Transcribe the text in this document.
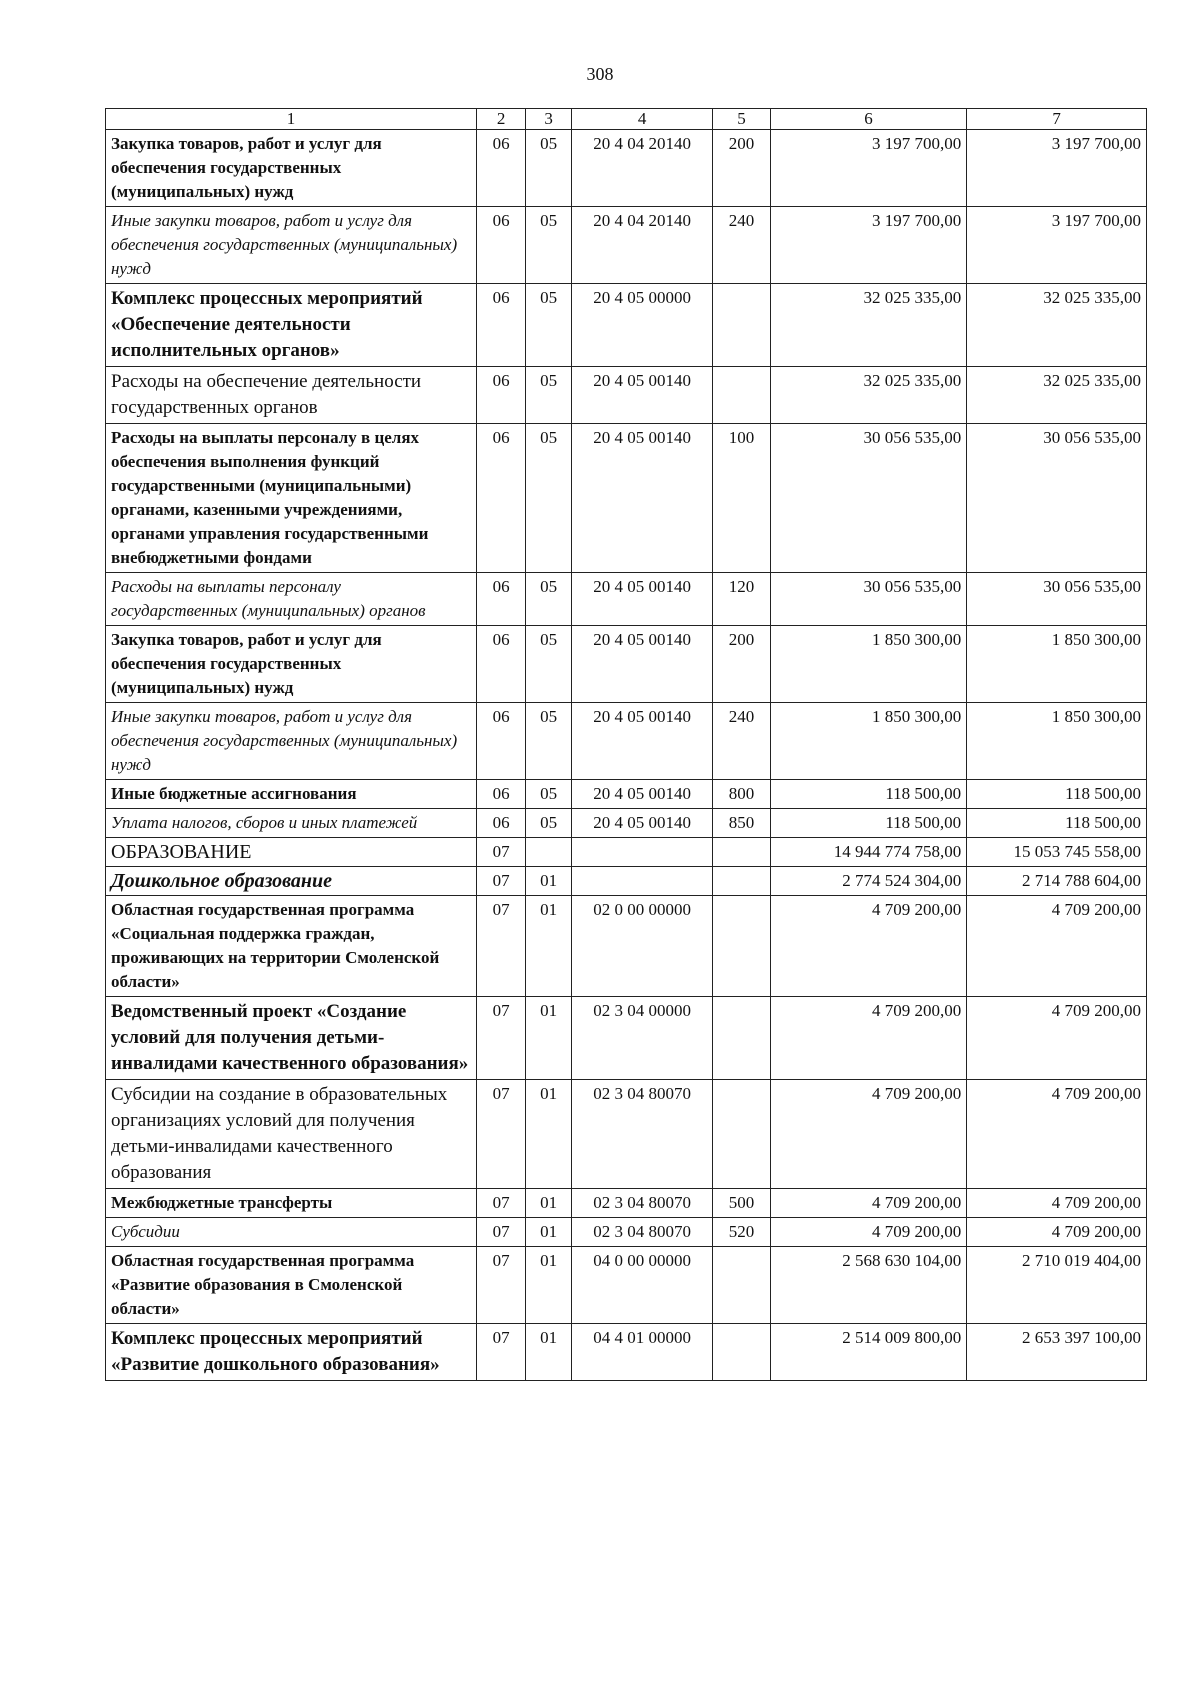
308
1	2	3	4	5	6	7
Закупка товаров, работ и услуг для обеспечения государственных (муниципальных) нужд	06	05	20 4 04 20140	200	3 197 700,00	3 197 700,00
Иные закупки товаров, работ и услуг для обеспечения государственных (муниципальных) нужд	06	05	20 4 04 20140	240	3 197 700,00	3 197 700,00
Комплекс процессных мероприятий «Обеспечение деятельности исполнительных органов»	06	05	20 4 05 00000		32 025 335,00	32 025 335,00
Расходы на обеспечение деятельности государственных органов	06	05	20 4 05 00140		32 025 335,00	32 025 335,00
Расходы на выплаты персоналу в целях обеспечения выполнения функций государственными (муниципальными) органами, казенными учреждениями, органами управления государственными внебюджетными фондами	06	05	20 4 05 00140	100	30 056 535,00	30 056 535,00
Расходы на выплаты персоналу государственных (муниципальных) органов	06	05	20 4 05 00140	120	30 056 535,00	30 056 535,00
Закупка товаров, работ и услуг для обеспечения государственных (муниципальных) нужд	06	05	20 4 05 00140	200	1 850 300,00	1 850 300,00
Иные закупки товаров, работ и услуг для обеспечения государственных (муниципальных) нужд	06	05	20 4 05 00140	240	1 850 300,00	1 850 300,00
Иные бюджетные ассигнования	06	05	20 4 05 00140	800	118 500,00	118 500,00
Уплата налогов, сборов и иных платежей	06	05	20 4 05 00140	850	118 500,00	118 500,00
ОБРАЗОВАНИЕ	07				14 944 774 758,00	15 053 745 558,00
Дошкольное образование	07	01			2 774 524 304,00	2 714 788 604,00
Областная государственная программа «Социальная поддержка граждан, проживающих на территории Смоленской области»	07	01	02 0 00 00000		4 709 200,00	4 709 200,00
Ведомственный проект «Создание условий для получения детьми-инвалидами качественного образования»	07	01	02 3 04 00000		4 709 200,00	4 709 200,00
Субсидии на создание в образовательных организациях условий для получения детьми-инвалидами качественного образования	07	01	02 3 04 80070		4 709 200,00	4 709 200,00
Межбюджетные трансферты	07	01	02 3 04 80070	500	4 709 200,00	4 709 200,00
Субсидии	07	01	02 3 04 80070	520	4 709 200,00	4 709 200,00
Областная государственная программа «Развитие образования в Смоленской области»	07	01	04 0 00 00000		2 568 630 104,00	2 710 019 404,00
Комплекс процессных мероприятий «Развитие дошкольного образования»	07	01	04 4 01 00000		2 514 009 800,00	2 653 397 100,00
